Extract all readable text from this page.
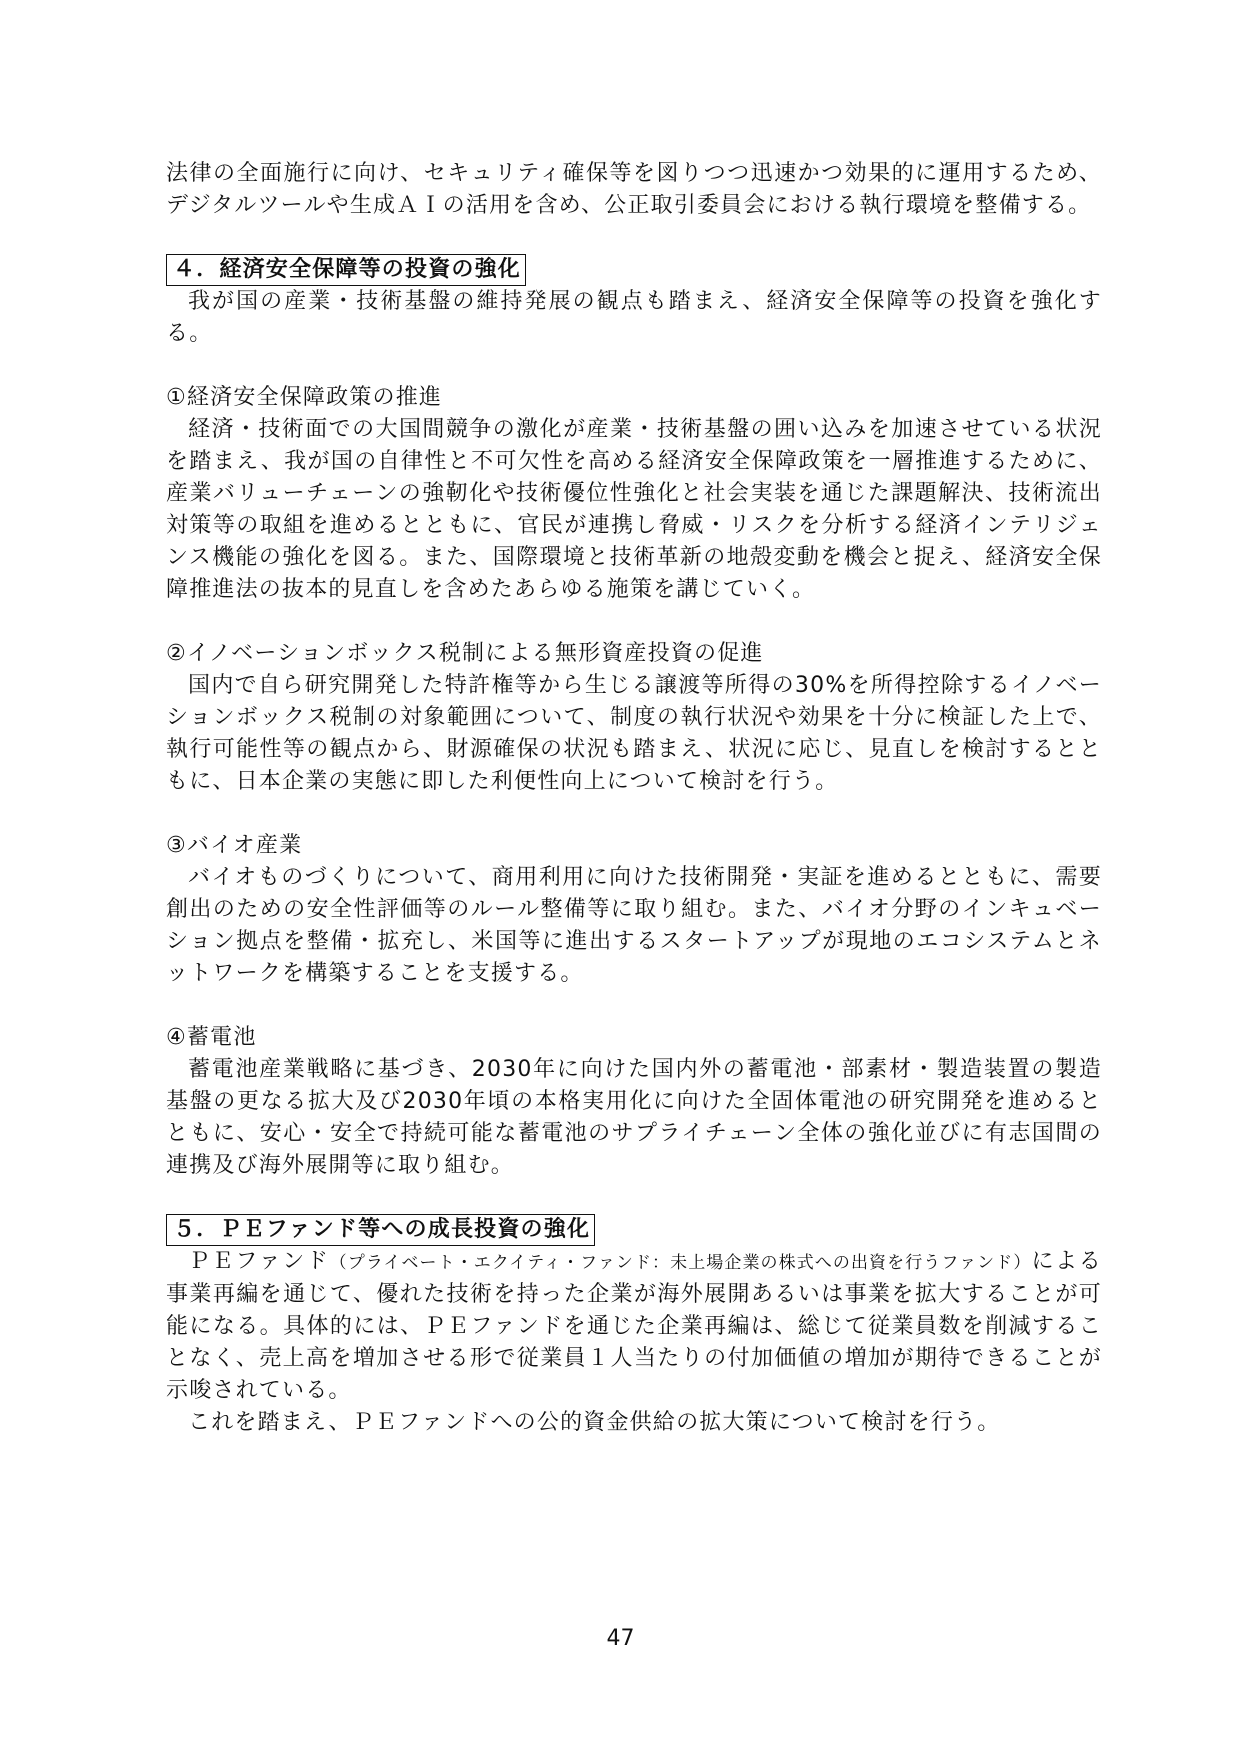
法律の全面施行に向け、セキュリティ確保等を図りつつ迅速かつ効果的に運用するため、デジタルツールや生成ＡＩの活用を含め、公正取引委員会における執行環境を整備する。

４．経済安全保障等の投資の強化

我が国の産業・技術基盤の維持発展の観点も踏まえ、経済安全保障等の投資を強化する。

①経済安全保障政策の推進

経済・技術面での大国間競争の激化が産業・技術基盤の囲い込みを加速させている状況を踏まえ、我が国の自律性と不可欠性を高める経済安全保障政策を一層推進するために、産業バリューチェーンの強靭化や技術優位性強化と社会実装を通じた課題解決、技術流出対策等の取組を進めるとともに、官民が連携し脅威・リスクを分析する経済インテリジェンス機能の強化を図る。また、国際環境と技術革新の地殻変動を機会と捉え、経済安全保障推進法の抜本的見直しを含めたあらゆる施策を講じていく。

②イノベーションボックス税制による無形資産投資の促進

国内で自ら研究開発した特許権等から生じる譲渡等所得の30%を所得控除するイノベーションボックス税制の対象範囲について、制度の執行状況や効果を十分に検証した上で、執行可能性等の観点から、財源確保の状況も踏まえ、状況に応じ、見直しを検討するとともに、日本企業の実態に即した利便性向上について検討を行う。

③バイオ産業

バイオものづくりについて、商用利用に向けた技術開発・実証を進めるとともに、需要創出のための安全性評価等のルール整備等に取り組む。また、バイオ分野のインキュベーション拠点を整備・拡充し、米国等に進出するスタートアップが現地のエコシステムとネットワークを構築することを支援する。

④蓄電池

蓄電池産業戦略に基づき、2030年に向けた国内外の蓄電池・部素材・製造装置の製造基盤の更なる拡大及び2030年頃の本格実用化に向けた全固体電池の研究開発を進めるとともに、安心・安全で持続可能な蓄電池のサプライチェーン全体の強化並びに有志国間の連携及び海外展開等に取り組む。

５．ＰＥファンド等への成長投資の強化

ＰＥファンド（プライベート・エクイティ・ファンド：未上場企業の株式への出資を行うファンド）による事業再編を通じて、優れた技術を持った企業が海外展開あるいは事業を拡大することが可能になる。具体的には、ＰＥファンドを通じた企業再編は、総じて従業員数を削減することなく、売上高を増加させる形で従業員１人当たりの付加価値の増加が期待できることが示唆されている。

これを踏まえ、ＰＥファンドへの公的資金供給の拡大策について検討を行う。

47
